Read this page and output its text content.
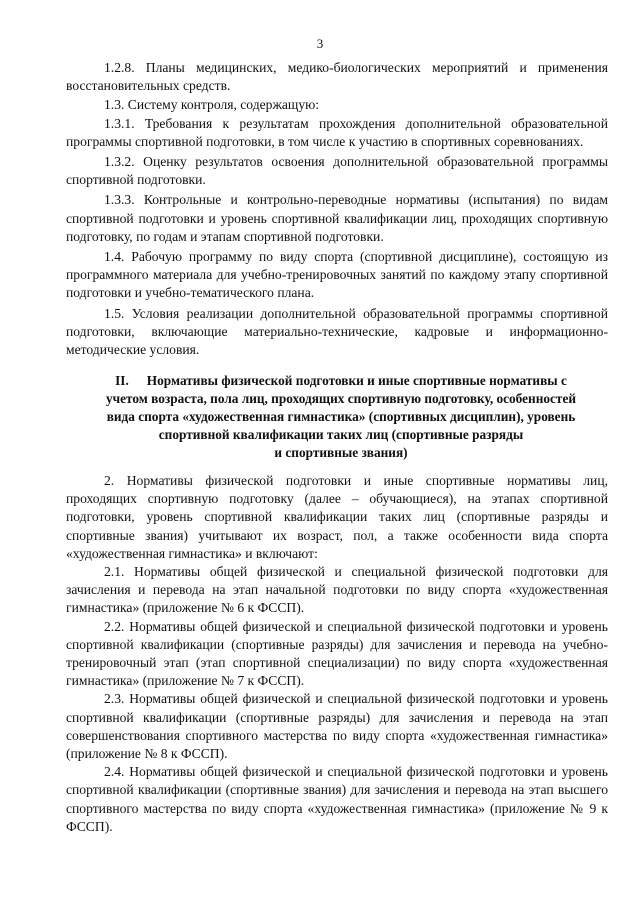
3

1.2.8. Планы медицинских, медико-биологических мероприятий и применения восстановительных средств.

1.3. Систему контроля, содержащую:

1.3.1. Требования к результатам прохождения дополнительной образовательной программы спортивной подготовки, в том числе к участию в спортивных соревнованиях.

1.3.2. Оценку результатов освоения дополнительной образовательной программы спортивной подготовки.

1.3.3. Контрольные и контрольно-переводные нормативы (испытания) по видам спортивной подготовки и уровень спортивной квалификации лиц, проходящих спортивную подготовку, по годам и этапам спортивной подготовки.

1.4. Рабочую программу по виду спорта (спортивной дисциплине), состоящую из программного материала для учебно-тренировочных занятий по каждому этапу спортивной подготовки и учебно-тематического плана.

1.5. Условия реализации дополнительной образовательной программы спортивной подготовки, включающие материально-технические, кадровые и информационно-методические условия.

II. Нормативы физической подготовки и иные спортивные нормативы с
учетом возраста, пола лиц, проходящих спортивную подготовку, особенностей
вида спорта «художественная гимнастика» (спортивных дисциплин), уровень
спортивной квалификации таких лиц (спортивные разряды
и спортивные звания)

2. Нормативы физической подготовки и иные спортивные нормативы лиц, проходящих спортивную подготовку (далее – обучающиеся), на этапах спортивной подготовки, уровень спортивной квалификации таких лиц (спортивные разряды и спортивные звания) учитывают их возраст, пол, а также особенности вида спорта «художественная гимнастика» и включают:

2.1. Нормативы общей физической и специальной физической подготовки для зачисления и перевода на этап начальной подготовки по виду спорта «художественная гимнастика» (приложение № 6 к ФССП).

2.2. Нормативы общей физической и специальной физической подготовки и уровень спортивной квалификации (спортивные разряды) для зачисления и перевода на учебно-тренировочный этап (этап спортивной специализации) по виду спорта «художественная гимнастика» (приложение № 7 к ФССП).

2.3. Нормативы общей физической и специальной физической подготовки и уровень спортивной квалификации (спортивные разряды) для зачисления и перевода на этап совершенствования спортивного мастерства по виду спорта «художественная гимнастика» (приложение № 8 к ФССП).

2.4. Нормативы общей физической и специальной физической подготовки и уровень спортивной квалификации (спортивные звания) для зачисления и перевода на этап высшего спортивного мастерства по виду спорта «художественная гимнастика» (приложение № 9 к ФССП).
